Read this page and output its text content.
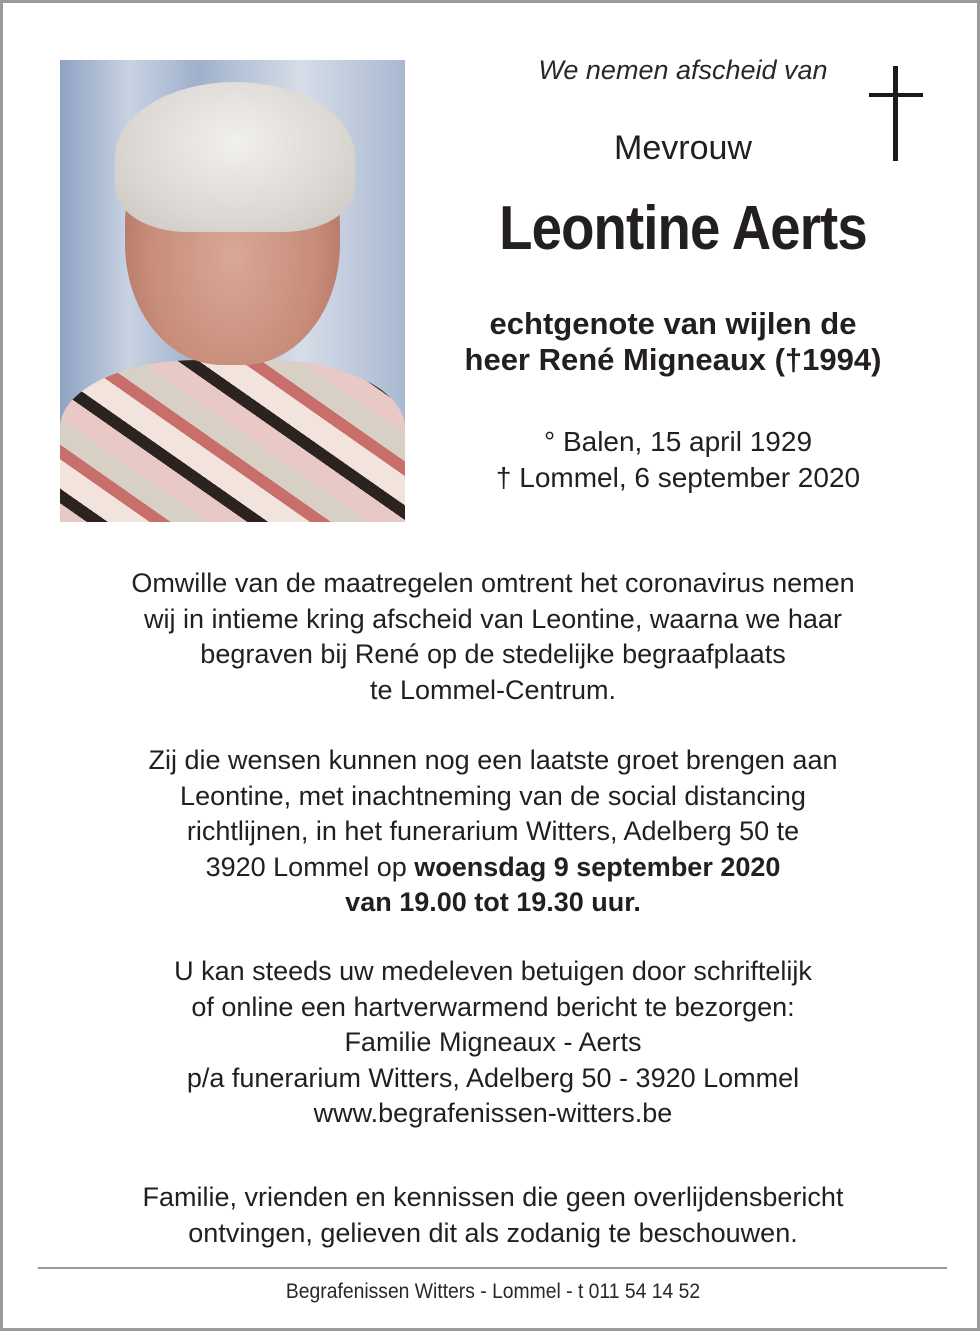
We nemen afscheid van
Mevrouw
Leontine Aerts
echtgenote van wijlen de
heer René Migneaux (†1994)
° Balen, 15 april 1929
† Lommel, 6 september 2020
Omwille van de maatregelen omtrent het coronavirus nemen
wij in intieme kring afscheid van Leontine, waarna we haar
begraven bij René op de stedelijke begraafplaats
te Lommel-Centrum.
Zij die wensen kunnen nog een laatste groet brengen aan
Leontine, met inachtneming van de social distancing
richtlijnen, in het funerarium Witters, Adelberg 50 te
3920 Lommel op woensdag 9 september 2020
van 19.00 tot 19.30 uur.
U kan steeds uw medeleven betuigen door schriftelijk
of online een hartverwarmend bericht te bezorgen:
Familie Migneaux - Aerts
p/a funerarium Witters, Adelberg 50 - 3920 Lommel
www.begrafenissen-witters.be
Familie, vrienden en kennissen die geen overlijdensbericht
ontvingen, gelieven dit als zodanig te beschouwen.
Begrafenissen Witters - Lommel - t 011 54 14 52
